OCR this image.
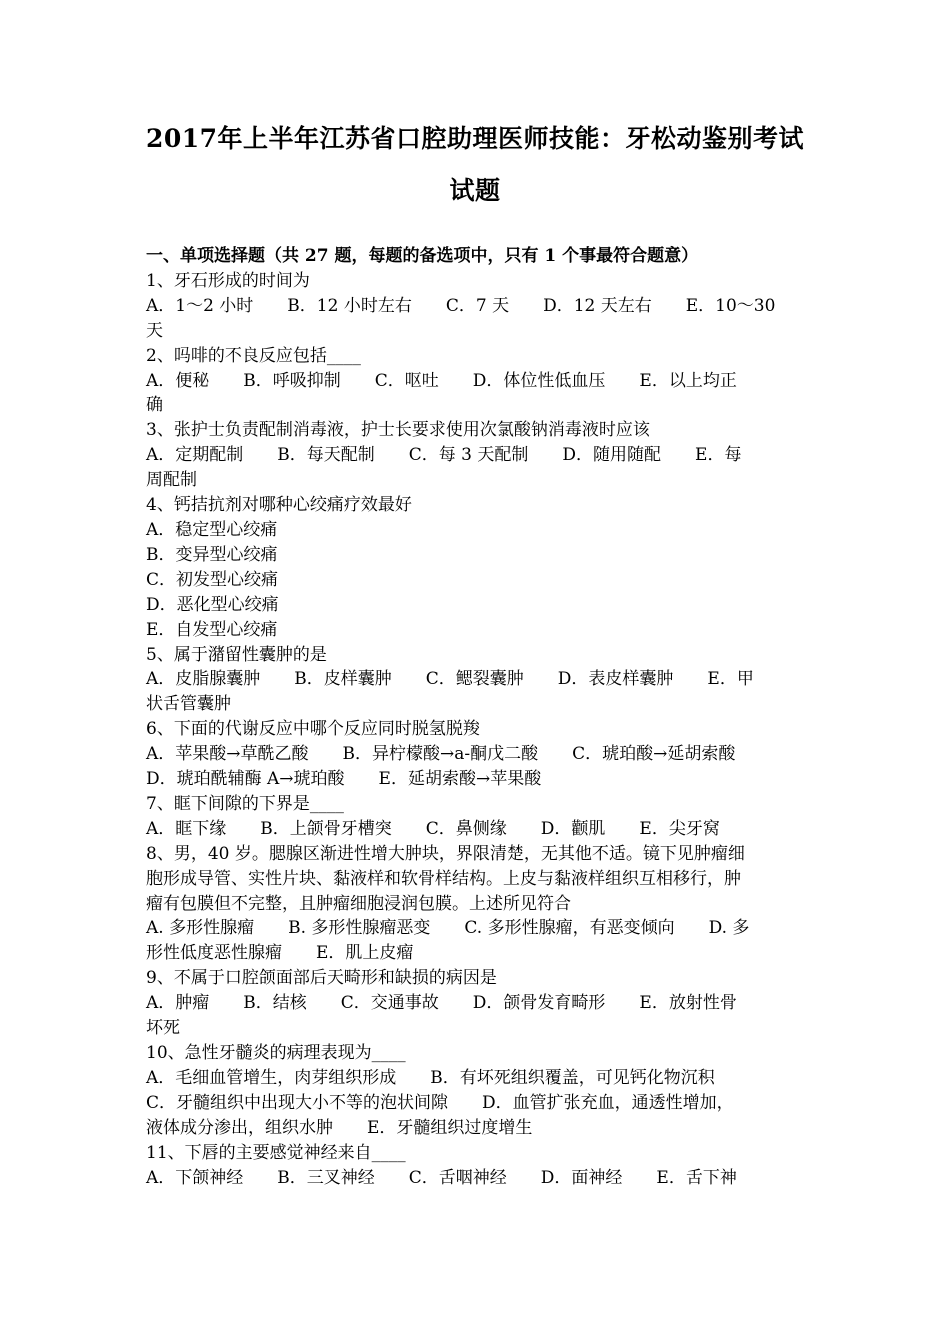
2017年上半年江苏省口腔助理医师技能：牙松动鉴别考试
试题
一、单项选择题（共 27 题，每题的备选项中，只有 1 个事最符合题意）
1、牙石形成的时间为
A．1～2 小时　　B．12 小时左右　　C．7 天　　D．12 天左右　　E．10～30
天
2、吗啡的不良反应包括____
A．便秘　　B．呼吸抑制　　C．呕吐　　D．体位性低血压　　E．以上均正
确
3、张护士负责配制消毒液，护士长要求使用次氯酸钠消毒液时应该
A．定期配制　　B．每天配制　　C．每 3 天配制　　D．随用随配　　E．每
周配制
4、钙拮抗剂对哪种心绞痛疗效最好
A．稳定型心绞痛
B．变异型心绞痛
C．初发型心绞痛
D．恶化型心绞痛
E．自发型心绞痛
5、属于潴留性囊肿的是
A．皮脂腺囊肿　　B．皮样囊肿　　C．鳃裂囊肿　　D．表皮样囊肿　　E．甲
状舌管囊肿
6、下面的代谢反应中哪个反应同时脱氢脱羧
A．苹果酸→草酰乙酸　　B．异柠檬酸→a-酮戊二酸　　C．琥珀酸→延胡索酸
D．琥珀酰辅酶 A→琥珀酸　　E．延胡索酸→苹果酸
7、眶下间隙的下界是____
A．眶下缘　　B．上颌骨牙槽突　　C．鼻侧缘　　D．颧肌　　E．尖牙窝
8、男，40 岁。腮腺区渐进性增大肿块，界限清楚，无其他不适。镜下见肿瘤细
胞形成导管、实性片块、黏液样和软骨样结构。上皮与黏液样组织互相移行，肿
瘤有包膜但不完整，且肿瘤细胞浸润包膜。上述所见符合
A. 多形性腺瘤　　B. 多形性腺瘤恶变　　C. 多形性腺瘤，有恶变倾向　　D. 多
形性低度恶性腺瘤　　E．肌上皮瘤
9、不属于口腔颌面部后天畸形和缺损的病因是
A．肿瘤　　B．结核　　C．交通事故　　D．颌骨发育畸形　　E．放射性骨
坏死
10、急性牙髓炎的病理表现为____
A．毛细血管增生，肉芽组织形成　　B．有坏死组织覆盖，可见钙化物沉积
C．牙髓组织中出现大小不等的泡状间隙　　D．血管扩张充血，通透性增加，
液体成分渗出，组织水肿　　E．牙髓组织过度增生
11、下唇的主要感觉神经来自____
A．下颌神经　　B．三叉神经　　C．舌咽神经　　D．面神经　　E．舌下神
